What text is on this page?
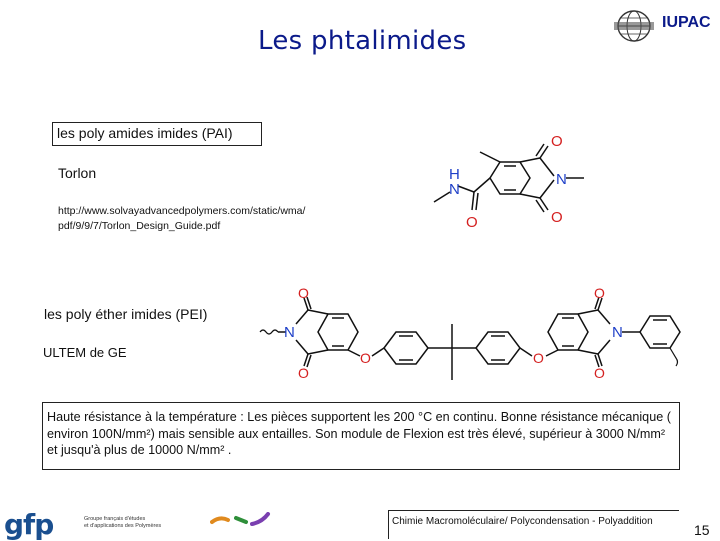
Les phtalimides
IUPAC
les poly amides imides (PAI)
Torlon
http://www.solvayadvancedpolymers.com/static/wma/
pdf/9/9/7/Torlon_Design_Guide.pdf
O
O
N
O
H
N
les poly éther imides (PEI)
ULTEM de GE
N
O
O
O	O
N
O
O
Haute résistance à la température : Les pièces supportent les 200 °C en continu. Bonne résistance mécanique ( environ 100N/mm²) mais sensible aux entailles. Son module de Flexion est très élevé, supérieur à 3000 N/mm² et jusqu'à plus de 10000 N/mm² .
gfp	Groupe français d'études
et d'applications des Polymères	Chimie Macromoléculaire/ Polycondensation - Polyaddition
15
